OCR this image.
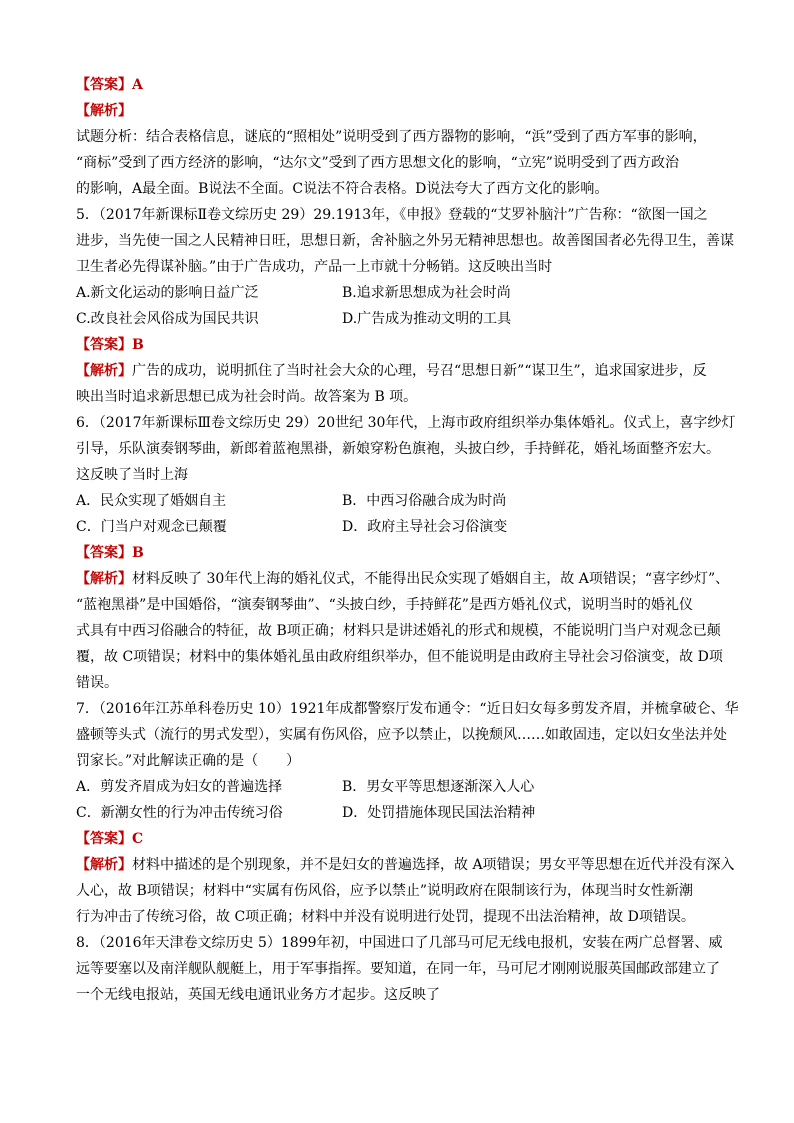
【答案】A
【解析】
试题分析：结合表格信息，谜底的“照相处”说明受到了西方器物的影响，“浜”受到了西方军事的影响，
“商标”受到了西方经济的影响，“达尔文”受到了西方思想文化的影响，“立宪”说明受到了西方政治
的影响，A最全面。B说法不全面。C说法不符合表格。D说法夸大了西方文化的影响。
5．（2017年新课标Ⅱ卷文综历史 29）29.1913年，《申报》登载的“艾罗补脑汁”广告称：“欲图一国之
进步，当先使一国之人民精神日旺，思想日新，舍补脑之外另无精神思想也。故善图国者必先得卫生，善谋
卫生者必先得谋补脑。”由于广告成功，产品一上市就十分畅销。这反映出当时
A.新文化运动的影响日益广泛	B.追求新思想成为社会时尚
C.改良社会风俗成为国民共识	D.广告成为推动文明的工具
【答案】B
【解析】广告的成功，说明抓住了当时社会大众的心理，号召“思想日新”“谋卫生”，追求国家进步，反
映出当时追求新思想已成为社会时尚。故答案为 B 项。
6．（2017年新课标Ⅲ卷文综历史 29）20世纪 30年代，上海市政府组织举办集体婚礼。仪式上，喜字纱灯
引导，乐队演奏钢琴曲，新郎着蓝袍黑褂，新娘穿粉色旗袍，头披白纱，手持鲜花，婚礼场面整齐宏大。
这反映了当时上海
A．民众实现了婚姻自主	B．中西习俗融合成为时尚
C．门当户对观念已颠覆	D．政府主导社会习俗演变
【答案】B
【解析】材料反映了 30年代上海的婚礼仪式，不能得出民众实现了婚姻自主，故 A项错误；“喜字纱灯”、
“蓝袍黑褂”是中国婚俗，“演奏钢琴曲”、“头披白纱，手持鲜花”是西方婚礼仪式，说明当时的婚礼仪
式具有中西习俗融合的特征，故 B项正确；材料只是讲述婚礼的形式和规模，不能说明门当户对观念已颠
覆，故 C项错误；材料中的集体婚礼虽由政府组织举办，但不能说明是由政府主导社会习俗演变，故 D项
错误。
7．（2016年江苏单科卷历史 10）1921年成都警察厅发布通令：“近日妇女每多剪发齐眉，并梳拿破仑、华
盛顿等头式（流行的男式发型），实属有伤风俗，应予以禁止，以挽颓风……如敢固违，定以妇女坐法并处
罚家长。”对此解读正确的是（　　）
A．剪发齐眉成为妇女的普遍选择	B．男女平等思想逐渐深入人心
C．新潮女性的行为冲击传统习俗	D．处罚措施体现民国法治精神
【答案】C
【解析】材料中描述的是个别现象，并不是妇女的普遍选择，故 A项错误；男女平等思想在近代并没有深入
人心，故 B项错误；材料中“实属有伤风俗，应予以禁止”说明政府在限制该行为，体现当时女性新潮
行为冲击了传统习俗，故 C项正确；材料中并没有说明进行处罚，提现不出法治精神，故 D项错误。
8．（2016年天津卷文综历史 5）1899年初，中国进口了几部马可尼无线电报机，安装在两广总督署、威
远等要塞以及南洋舰队舰艇上，用于军事指挥。要知道，在同一年，马可尼才刚刚说服英国邮政部建立了
一个无线电报站，英国无线电通讯业务方才起步。这反映了
